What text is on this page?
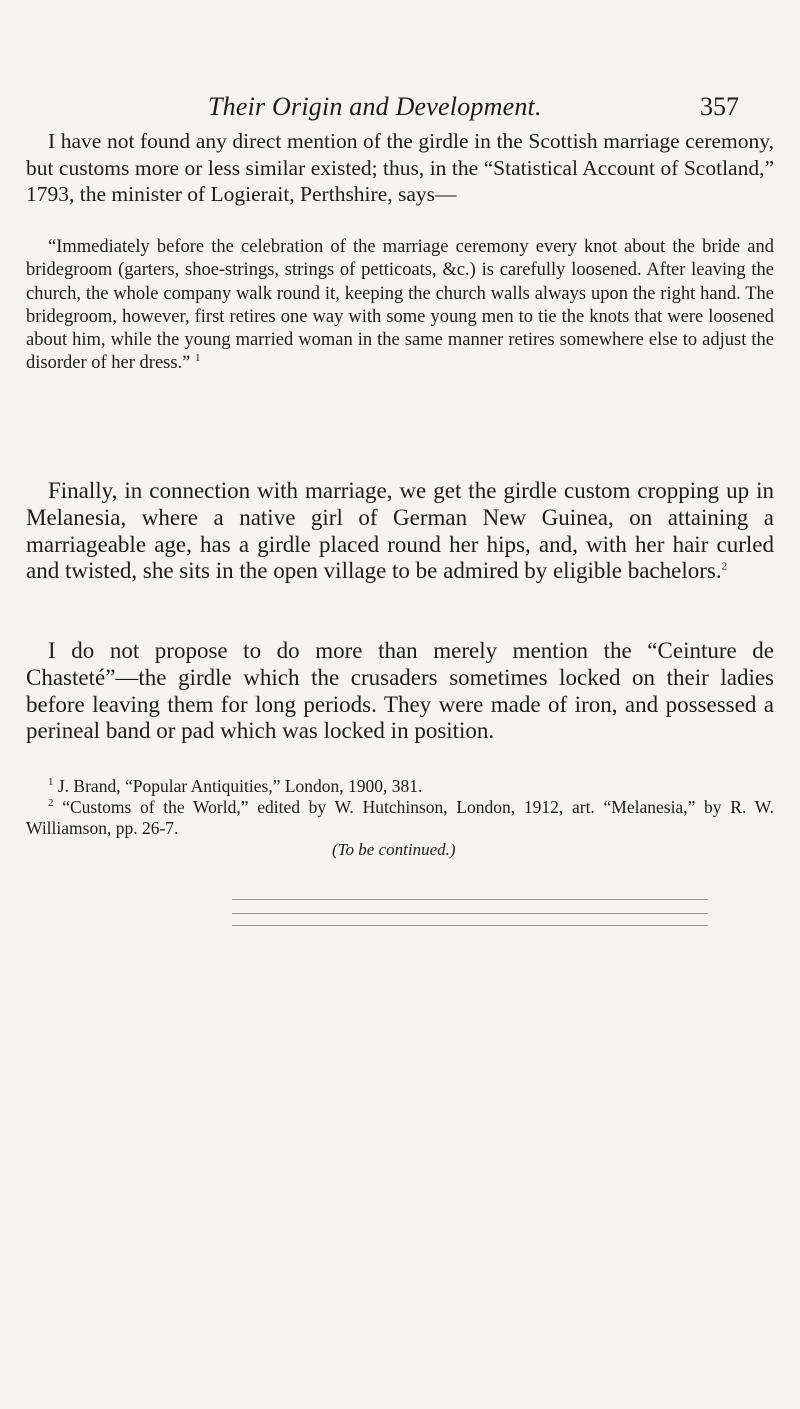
Their Origin and Development.	357

I have not found any direct mention of the girdle in the Scottish marriage ceremony, but customs more or less similar existed; thus, in the “Statistical Account of Scotland,” 1793, the minister of Logierait, Perthshire, says—

“Immediately before the celebration of the marriage ceremony every knot about the bride and bridegroom (garters, shoe-strings, strings of petticoats, &c.) is carefully loosened. After leaving the church, the whole company walk round it, keeping the church walls always upon the right hand. The bridegroom, however, first retires one way with some young men to tie the knots that were loosened about him, while the young married woman in the same manner retires somewhere else to adjust the disorder of her dress.” $^1$

Finally, in connection with marriage, we get the girdle custom cropping up in Melanesia, where a native girl of German New Guinea, on attaining a marriageable age, has a girdle placed round her hips, and, with her hair curled and twisted, she sits in the open village to be admired by eligible bachelors.$^2$

I do not propose to do more than merely mention the “Ceinture de Chasteté”—the girdle which the crusaders sometimes locked on their ladies before leaving them for long periods. They were made of iron, and possessed a perineal band or pad which was locked in position.

$^1$ J. Brand, “Popular Antiquities,” London, 1900, 381.

$^2$ “Customs of the World,” edited by W. Hutchinson, London, 1912, art. “Melanesia,” by R. W. Williamson, pp. 26-7.

(To be continued.)
